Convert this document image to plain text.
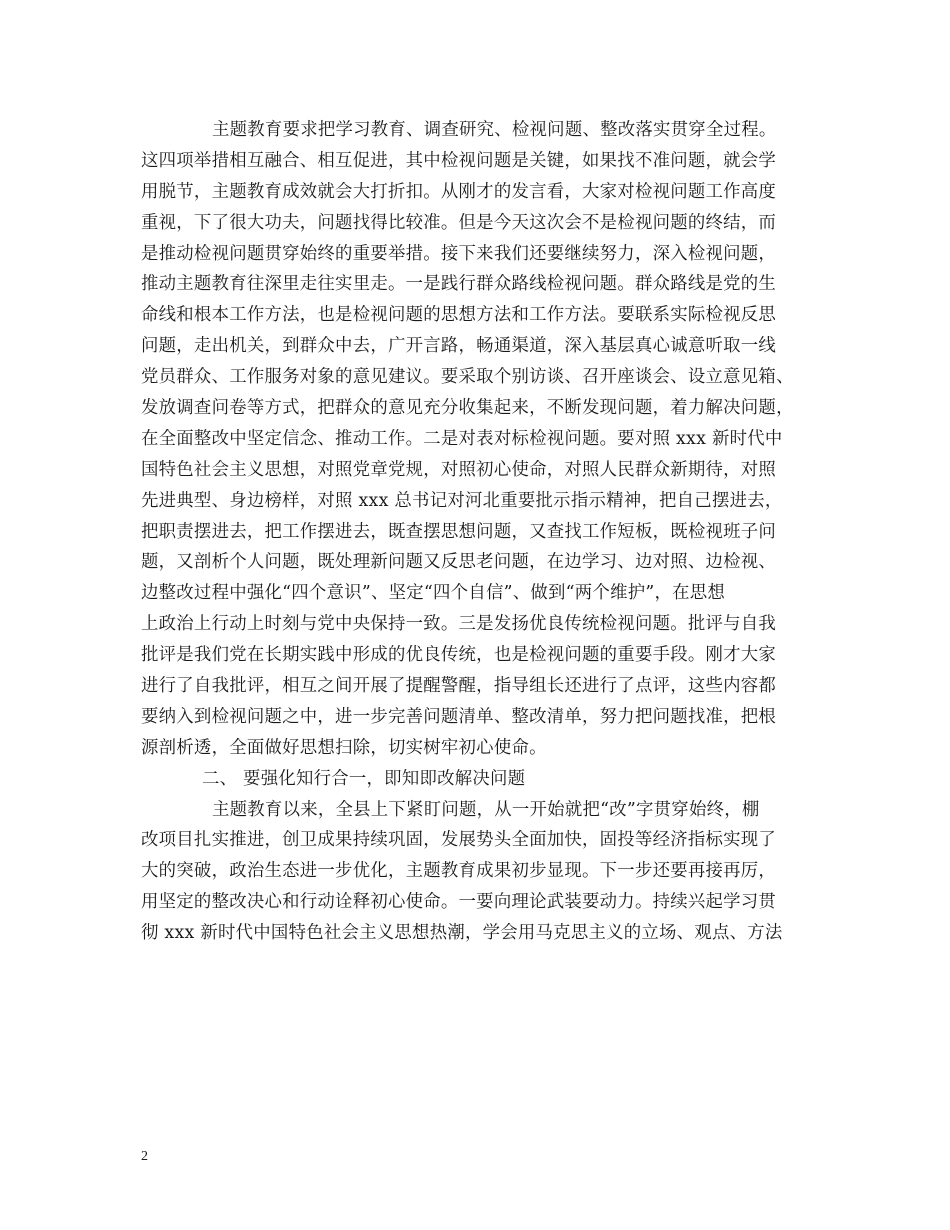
主题教育要求把学习教育、调查研究、检视问题、整改落实贯穿全过程。
这四项举措相互融合、相互促进，其中检视问题是关键，如果找不准问题，就会学
用脱节，主题教育成效就会大打折扣。从刚才的发言看，大家对检视问题工作高度
重视，下了很大功夫，问题找得比较准。但是今天这次会不是检视问题的终结，而
是推动检视问题贯穿始终的重要举措。接下来我们还要继续努力，深入检视问题，
推动主题教育往深里走往实里走。一是践行群众路线检视问题。群众路线是党的生
命线和根本工作方法，也是检视问题的思想方法和工作方法。要联系实际检视反思
问题，走出机关，到群众中去，广开言路，畅通渠道，深入基层真心诚意听取一线
党员群众、工作服务对象的意见建议。要采取个别访谈、召开座谈会、设立意见箱、
发放调查问卷等方式，把群众的意见充分收集起来，不断发现问题，着力解决问题，
在全面整改中坚定信念、推动工作。二是对表对标检视问题。要对照 xxx 新时代中
国特色社会主义思想，对照党章党规，对照初心使命，对照人民群众新期待，对照
先进典型、身边榜样，对照 xxx 总书记对河北重要批示指示精神，把自己摆进去，
把职责摆进去，把工作摆进去，既查摆思想问题，又查找工作短板，既检视班子问
题，又剖析个人问题，既处理新问题又反思老问题，在边学习、边对照、边检视、
边整改过程中强化“四个意识”、坚定“四个自信”、做到“两个维护”，在思想
上政治上行动上时刻与党中央保持一致。三是发扬优良传统检视问题。批评与自我
批评是我们党在长期实践中形成的优良传统，也是检视问题的重要手段。刚才大家
进行了自我批评，相互之间开展了提醒警醒，指导组长还进行了点评，这些内容都
要纳入到检视问题之中，进一步完善问题清单、整改清单，努力把问题找准，把根
源剖析透，全面做好思想扫除，切实树牢初心使命。
二、 要强化知行合一，即知即改解决问题
主题教育以来，全县上下紧盯问题，从一开始就把“改”字贯穿始终，棚
改项目扎实推进，创卫成果持续巩固，发展势头全面加快，固投等经济指标实现了
大的突破，政治生态进一步优化，主题教育成果初步显现。下一步还要再接再厉，
用坚定的整改决心和行动诠释初心使命。一要向理论武装要动力。持续兴起学习贯
彻 xxx 新时代中国特色社会主义思想热潮，学会用马克思主义的立场、观点、方法
2
